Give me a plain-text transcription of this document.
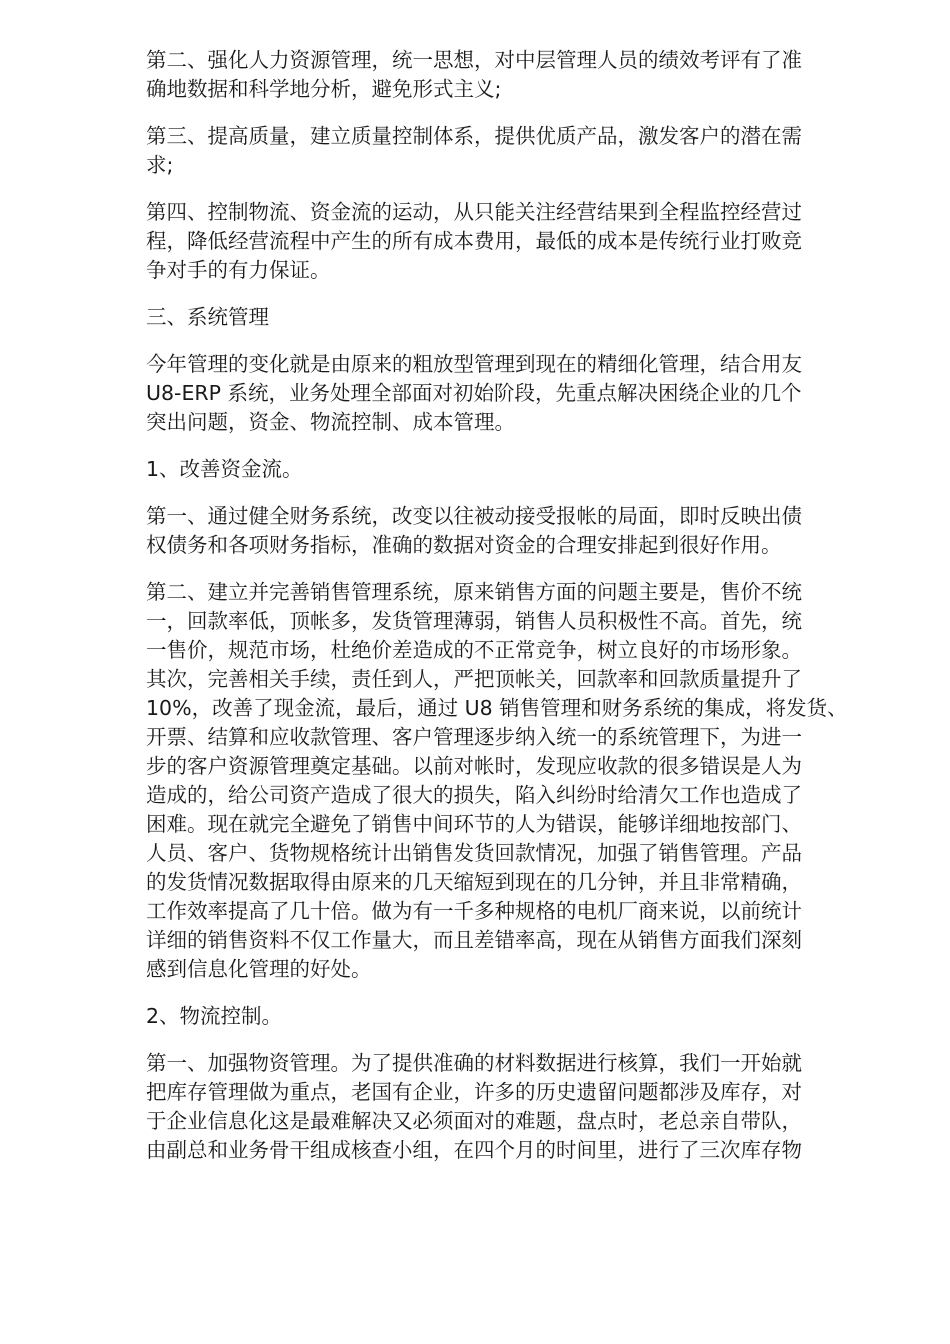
第二、强化人力资源管理，统一思想，对中层管理人员的绩效考评有了准
确地数据和科学地分析，避免形式主义;

第三、提高质量，建立质量控制体系，提供优质产品，激发客户的潜在需
求;

第四、控制物流、资金流的运动，从只能关注经营结果到全程监控经营过
程，降低经营流程中产生的所有成本费用，最低的成本是传统行业打败竞
争对手的有力保证。

三、系统管理

今年管理的变化就是由原来的粗放型管理到现在的精细化管理，结合用友
U8-ERP 系统，业务处理全部面对初始阶段，先重点解决困绕企业的几个
突出问题，资金、物流控制、成本管理。

1、改善资金流。

第一、通过健全财务系统，改变以往被动接受报帐的局面，即时反映出债
权债务和各项财务指标，准确的数据对资金的合理安排起到很好作用。

第二、建立并完善销售管理系统，原来销售方面的问题主要是，售价不统
一，回款率低，顶帐多，发货管理薄弱，销售人员积极性不高。首先，统
一售价，规范市场，杜绝价差造成的不正常竞争，树立良好的市场形象。
其次，完善相关手续，责任到人，严把顶帐关，回款率和回款质量提升了
10%，改善了现金流，最后，通过 U8 销售管理和财务系统的集成，将发货、
开票、结算和应收款管理、客户管理逐步纳入统一的系统管理下，为进一
步的客户资源管理奠定基础。以前对帐时，发现应收款的很多错误是人为
造成的，给公司资产造成了很大的损失，陷入纠纷时给清欠工作也造成了
困难。现在就完全避免了销售中间环节的人为错误，能够详细地按部门、
人员、客户、货物规格统计出销售发货回款情况，加强了销售管理。产品
的发货情况数据取得由原来的几天缩短到现在的几分钟，并且非常精确，
工作效率提高了几十倍。做为有一千多种规格的电机厂商来说，以前统计
详细的销售资料不仅工作量大，而且差错率高，现在从销售方面我们深刻
感到信息化管理的好处。

2、物流控制。

第一、加强物资管理。为了提供准确的材料数据进行核算，我们一开始就
把库存管理做为重点，老国有企业，许多的历史遗留问题都涉及库存，对
于企业信息化这是最难解决又必须面对的难题，盘点时，老总亲自带队，
由副总和业务骨干组成核查小组，在四个月的时间里，进行了三次库存物
